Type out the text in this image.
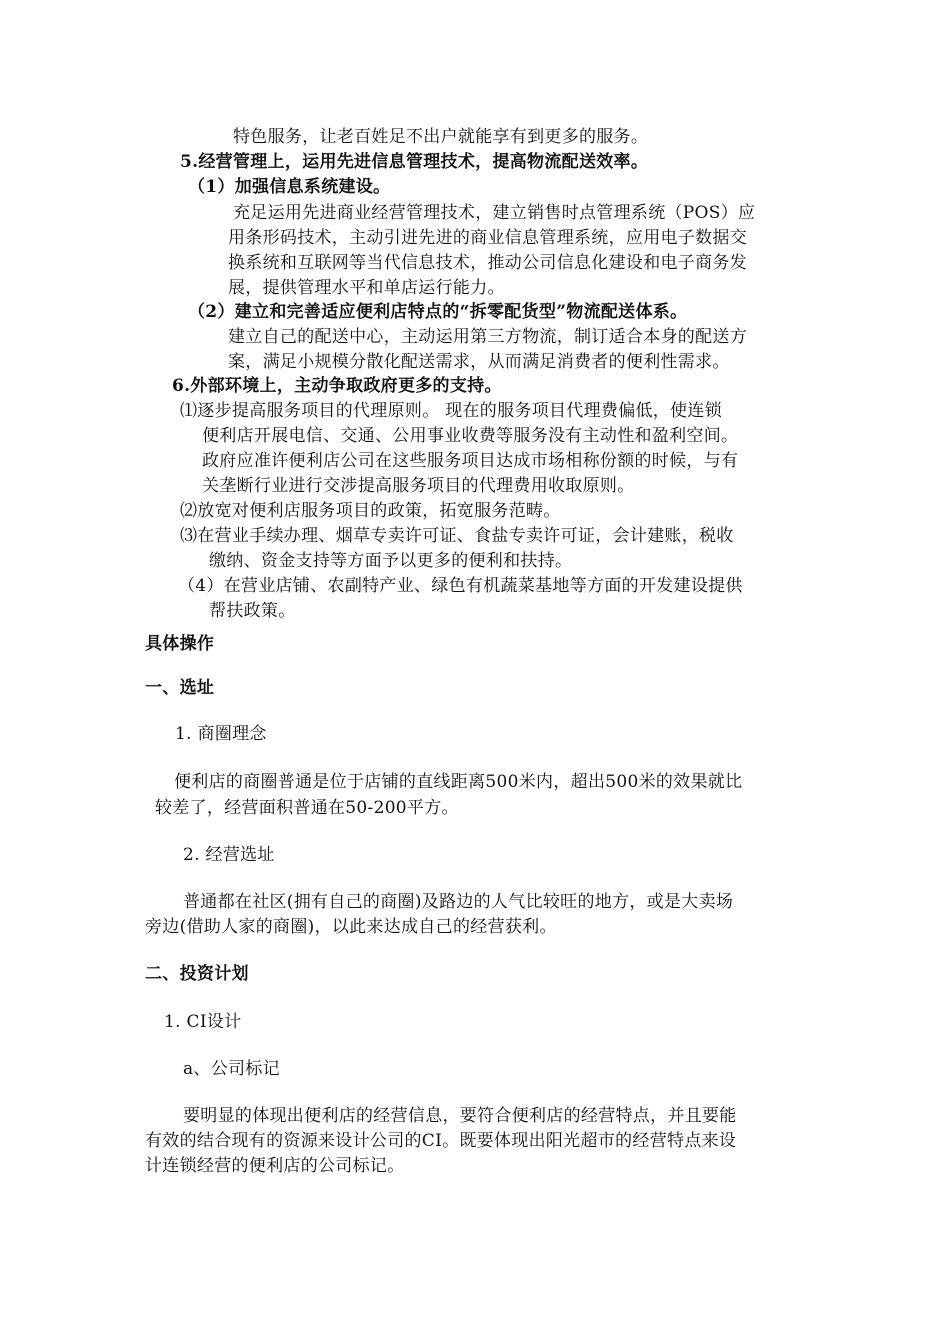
特色服务，让老百姓足不出户就能享有到更多的服务。
5.经营管理上，运用先进信息管理技术，提高物流配送效率。
（1）加强信息系统建设。
充足运用先进商业经营管理技术，建立销售时点管理系统（POS）应
用条形码技术，主动引进先进的商业信息管理系统，应用电子数据交
换系统和互联网等当代信息技术，推动公司信息化建设和电子商务发
展，提供管理水平和单店运行能力。
（2）建立和完善适应便利店特点的“拆零配货型”物流配送体系。
建立自己的配送中心，主动运用第三方物流，制订适合本身的配送方
案，满足小规模分散化配送需求，从而满足消费者的便利性需求。
6.外部环境上，主动争取政府更多的支持。
⑴逐步提高服务项目的代理原则。 现在的服务项目代理费偏低，使连锁
便利店开展电信、交通、公用事业收费等服务没有主动性和盈利空间。
政府应准许便利店公司在这些服务项目达成市场相称份额的时候，与有
关垄断行业进行交涉提高服务项目的代理费用收取原则。
⑵放宽对便利店服务项目的政策，拓宽服务范畴。
⑶在营业手续办理、烟草专卖许可证、食盐专卖许可证，会计建账，税收
缴纳、资金支持等方面予以更多的便利和扶持。
（4）在营业店铺、农副特产业、绿色有机蔬菜基地等方面的开发建设提供
帮扶政策。
具体操作
一、选址
1. 商圈理念
便利店的商圈普通是位于店铺的直线距离500米内，超出500米的效果就比
较差了，经营面积普通在50-200平方。
2. 经营选址
普通都在社区(拥有自己的商圈)及路边的人气比较旺的地方，或是大卖场
旁边(借助人家的商圈)，以此来达成自己的经营获利。
二、投资计划
1. CI设计
a、公司标记
要明显的体现出便利店的经营信息，要符合便利店的经营特点，并且要能
有效的结合现有的资源来设计公司的CI。既要体现出阳光超市的经营特点来设
计连锁经营的便利店的公司标记。
